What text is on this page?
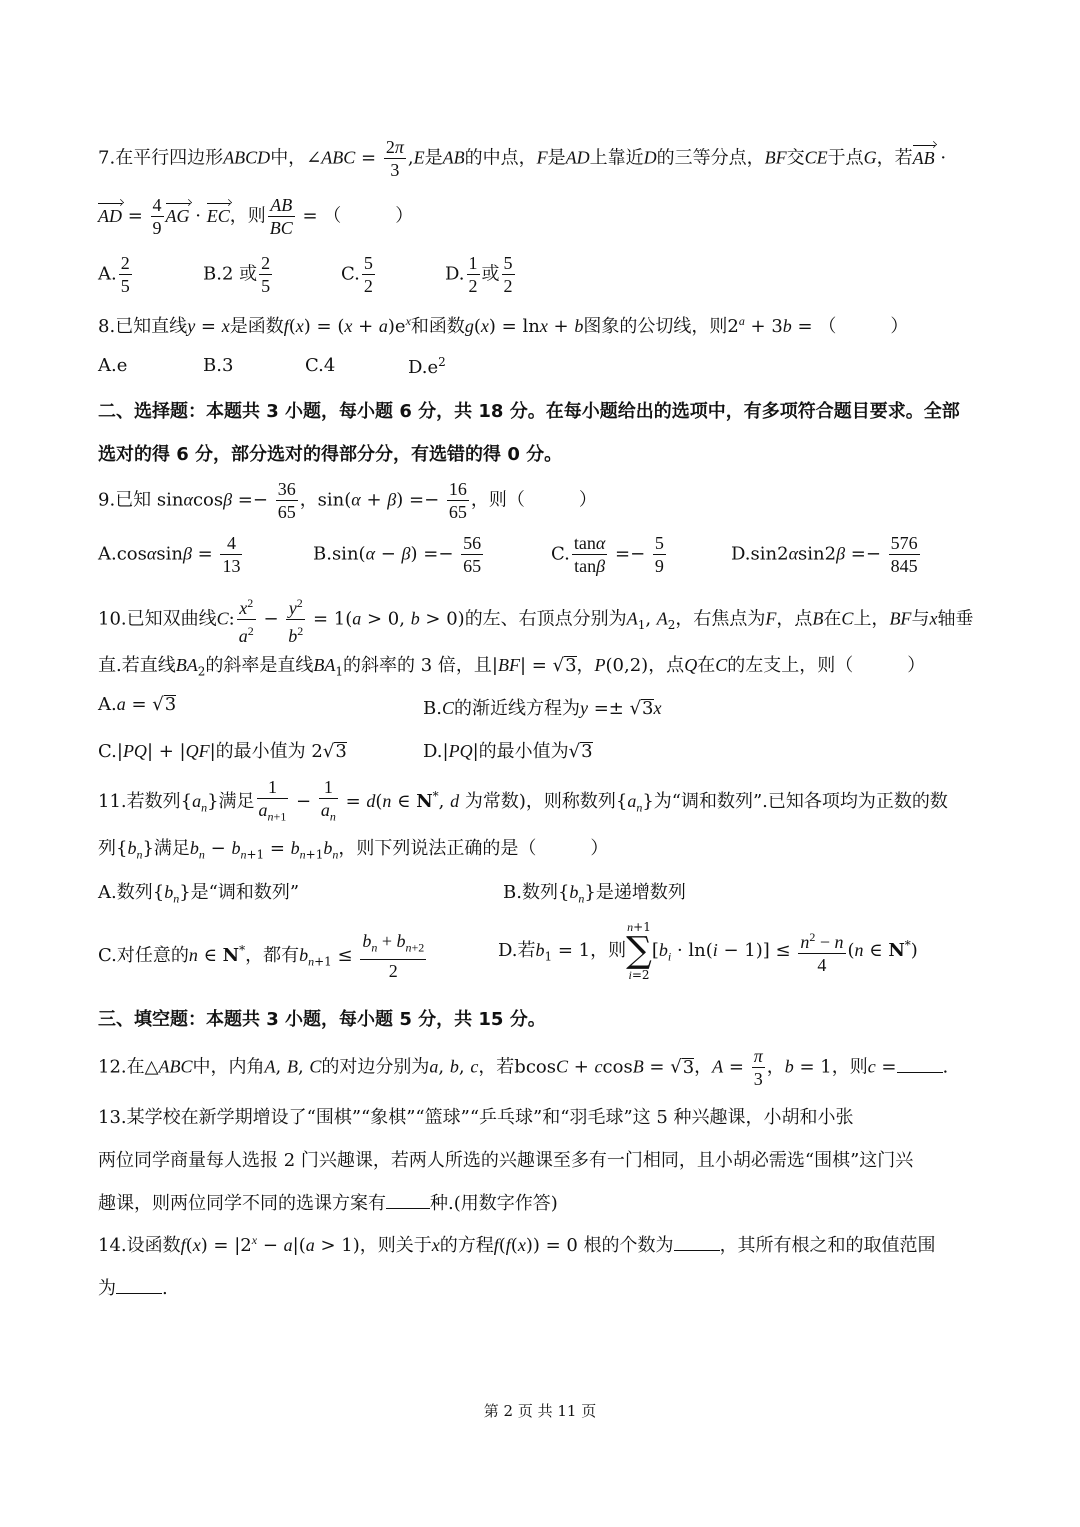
7.在平行四边形ABCD中，∠ABC = $\frac{2\pi}{3} ,E$是AB的中点，F是AD上靠近D的三等分点，BF交CE于点G，若AB ·
AD = $\frac{4}{9}$ AG · EC，则 $\frac{AB}{BC}$ = （　　　）
A. $\frac{2}{5}$	B.2 或 $\frac{2}{5}$	C. $\frac{5}{2}$	D. $\frac{1}{2}$ 或 $\frac{5}{2}$
8.已知直线y = x是函数$f(x) = (x + a)e^x$和函数g(x) = lnx + b图象的公切线，则$2^a + 3b$ = （　　　）
A.e	B.3	C.4	$D.e^2$
二、选择题：本题共 3 小题，每小题 6 分，共 18 分。在每小题给出的选项中，有多项符合题目要求。全部
选对的得 6 分，部分选对的得部分分，有选错的得 0 分。
9.已知 $\sin\alpha\cos\beta =- \frac{36}{65}$ ，$\sin(\alpha + \beta) =- \frac{16}{65}$ ，则（　　　）
$A.\cos\alpha\sin\beta = \frac{4}{13}$	$B.\sin(\alpha - \beta) =- \frac{56}{65}$	C. $\frac{\tan\alpha}{\tan\beta} =- \frac{5}{9}$	$D.\sin 2\alpha\sin 2\beta =- \frac{576}{845}$
10.已知双曲线C: $\frac{x^2}{a^2} - \frac{y^2}{b^2} = 1(a > 0$, b > 0)的左、右顶点分别为$A_1$, $A_2$，右焦点为F，点B在C上，BF与x轴垂
直.若直线$BA_2$的斜率是直线$BA_1$的斜率的 3 倍，且|BF| = √3，P(0,2)，点Q在C的左支上，则（　　　）
A.a = √3	B.C的渐近线方程为y =± √3x
C.|PQ| + |QF|的最小值为 2√3	D.|PQ|的最小值为√3
11.若数列$\{a_n\}$满足 $\frac{1}{a_{n+1}} - \frac{1}{a_n} = d(n$ ∈ N*, d 为常数)，则称数列$\{a_n\}$为“调和数列”.已知各项均为正数的数
列$\{b_n\}$满足$b_n - b_{n+1} = b_{n+1}b_n$，则下列说法正确的是（　　　）
A.数列$\{b_n\}$是“调和数列”	B.数列$\{b_n\}$是递增数列
C.对任意的n ∈ N*，都有$b_{n+1} \le \frac{b_n + b_{n+2}}{2}$	D.若$b_1 = 1$，则n+1
∑
$i=2[b_i \cdot \ln(i - 1)] \le \frac{n^2 - n}{4} (n$ ∈ N*)
三、填空题：本题共 3 小题，每小题 5 分，共 15 分。
12.在△ABC中，内角A, B, C的对边分别为a, b, c，若bcosC + ccosB = √3，$A = \frac{\pi}{3}$ ，b = 1，则c =	.
13.某学校在新学期增设了“围棋”“象棋”“篮球”“乒乓球”和“羽毛球”这 5 种兴趣课，小胡和小张
两位同学商量每人选报 2 门兴趣课，若两人所选的兴趣课至多有一门相同，且小胡必需选“围棋”这门兴
趣课，则两位同学不同的选课方案有 种.(用数字作答)
14.设函数$f(x) = |2^x - a|(a > 1)$，则关于x的方程f(f(x)) = 0 根的个数为	，其所有根之和的取值范围
为	.
第 2 页 共 11 页
